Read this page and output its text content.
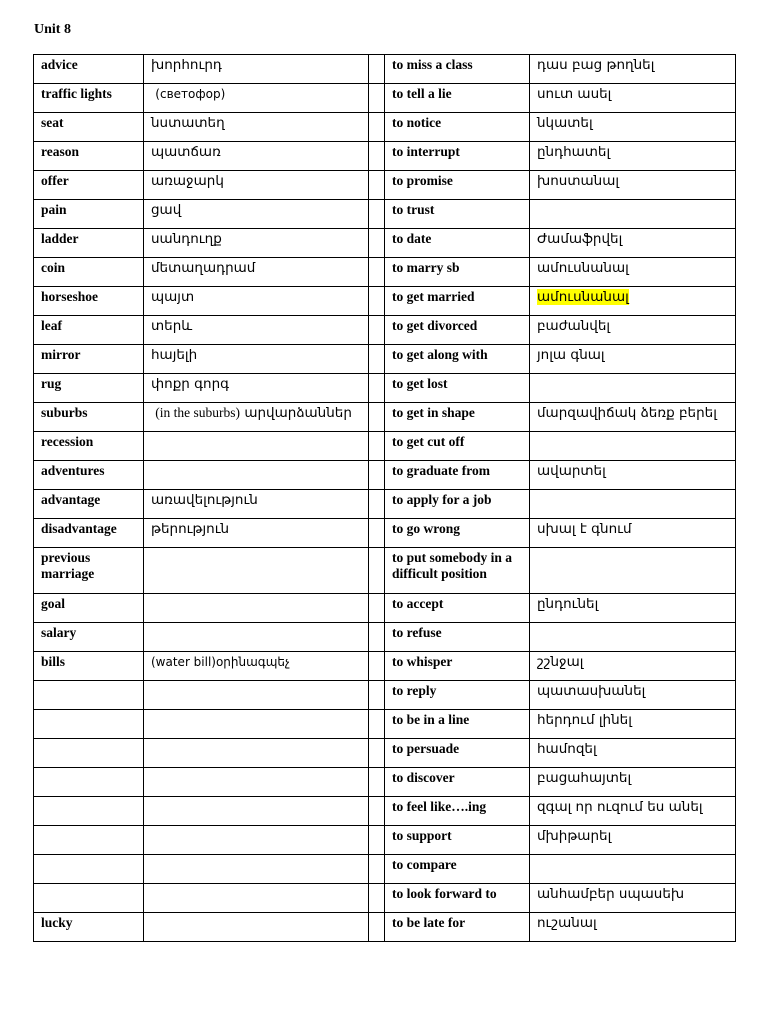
Unit 8
advice	խորհուրդ		to miss a class	դաս բաց թողնել
traffic lights	(светофор)		to tell a lie	սուտ ասել
seat	նստատեղ		to notice	նկատել
reason	պատճառ		to interrupt	ընդհատել
offer	առաջարկ		to promise	խոստանալ
pain	ցավ		to trust	
ladder	սանդուղք		to date	Ժամաֆրվել
coin	մետաղադրամ		to marry sb	ամուսնանալ
horseshoe	պայտ		to get married	ամուսնանալ
leaf	տերև		to get divorced	բաժանվել
mirror	հայելի		to get along with	յոլա գնալ
rug	փոքր գորգ		to get lost	
suburbs	(in the suburbs) արվարձաններ		to get in shape	մարզավիճակ ձեռք բերել
recession			to get cut off	
adventures			to graduate from	ավարտել
advantage	առավելություն		to apply for a job	
disadvantage	թերություն		to go wrong	սխալ է գնում
previous marriage			to put somebody in a difficult position	
goal			to accept	ընդունել
salary			to refuse	
bills	(water bill)օրինագպեչ		to whisper	շշնջալ
			to reply	պատասխանել
			to be in a line	հերդում լինել
			to persuade	համոզել
			to discover	բացահայտել
			to feel like….ing	զգալ որ ուզում ես անել
			to support	մխիթարել
			to compare	
			to look forward to	անհամբեր սպասեխ
lucky			to be late for	ուշանալ
